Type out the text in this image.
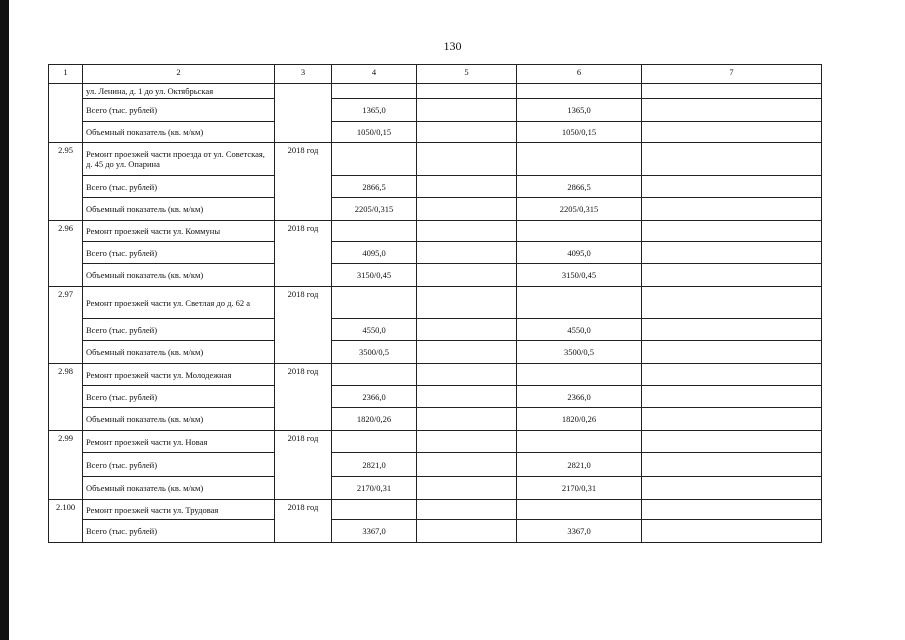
130
1	2	3	4	5	6	7
	ул. Ленина, д. 1 до ул. Октябрьская					
	Всего (тыс. рублей)		1365,0		1365,0	
	Объемный показатель (кв. м/км)		1050/0,15		1050/0,15	
2.95	Ремонт проезжей части проезда от ул. Советская, д. 45 до ул. Опарина	2018 год				
	Всего (тыс. рублей)		2866,5		2866,5	
	Объемный показатель (кв. м/км)		2205/0,315		2205/0,315	
2.96	Ремонт проезжей части ул. Коммуны	2018 год				
	Всего (тыс. рублей)		4095,0		4095,0	
	Объемный показатель (кв. м/км)		3150/0,45		3150/0,45	
2.97	Ремонт проезжей части ул. Светлая до д. 62 а	2018 год				
	Всего (тыс. рублей)		4550,0		4550,0	
	Объемный показатель (кв. м/км)		3500/0,5		3500/0,5	
2.98	Ремонт проезжей части ул. Молодежная	2018 год				
	Всего (тыс. рублей)		2366,0		2366,0	
	Объемный показатель (кв. м/км)		1820/0,26		1820/0,26	
2.99	Ремонт проезжей части ул. Новая	2018 год				
	Всего (тыс. рублей)		2821,0		2821,0	
	Объемный показатель (кв. м/км)		2170/0,31		2170/0,31	
2.100	Ремонт проезжей части ул. Трудовая	2018 год				
	Всего (тыс. рублей)		3367,0		3367,0	
